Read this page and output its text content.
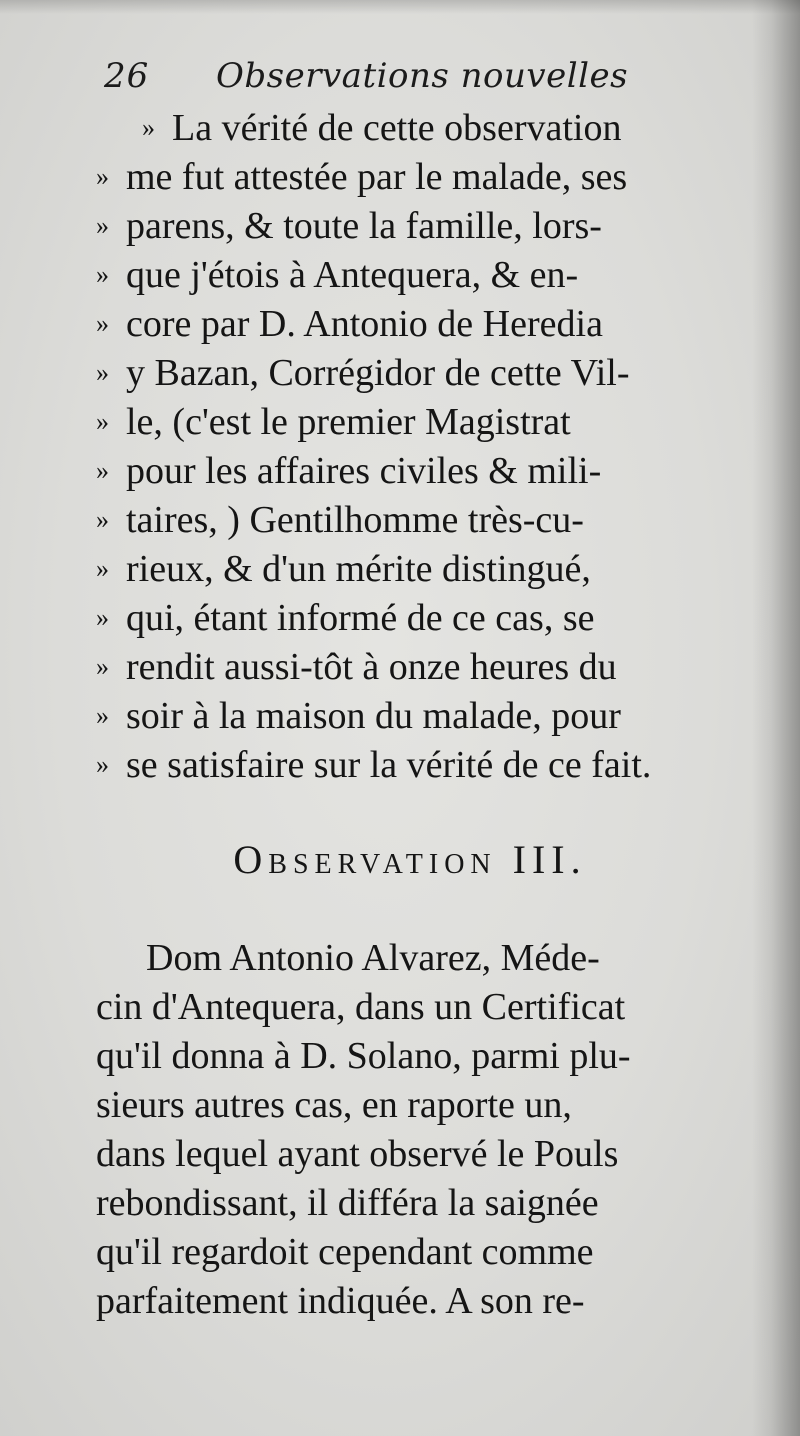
26 Observations nouvelles
» La vérité de cette observation
» me fut attestée par le malade, ses
» parens, & toute la famille, lors-
» que j'étois à Antequera, & en-
» core par D. Antonio de Heredia
» y Bazan, Corrégidor de cette Vil-
» le, (c'est le premier Magistrat
» pour les affaires civiles & mili-
» taires, ) Gentilhomme très-cu-
» rieux, & d'un mérite distingué,
» qui, étant informé de ce cas, se
» rendit aussi-tôt à onze heures du
» soir à la maison du malade, pour
» se satisfaire sur la vérité de ce fait.
Observation III.
Dom Antonio Alvarez, Méde-
cin d'Antequera, dans un Certificat
qu'il donna à D. Solano, parmi plu-
sieurs autres cas, en raporte un,
dans lequel ayant observé le Pouls
rebondissant, il différa la saignée
qu'il regardoit cependant comme
parfaitement indiquée. A son re-
